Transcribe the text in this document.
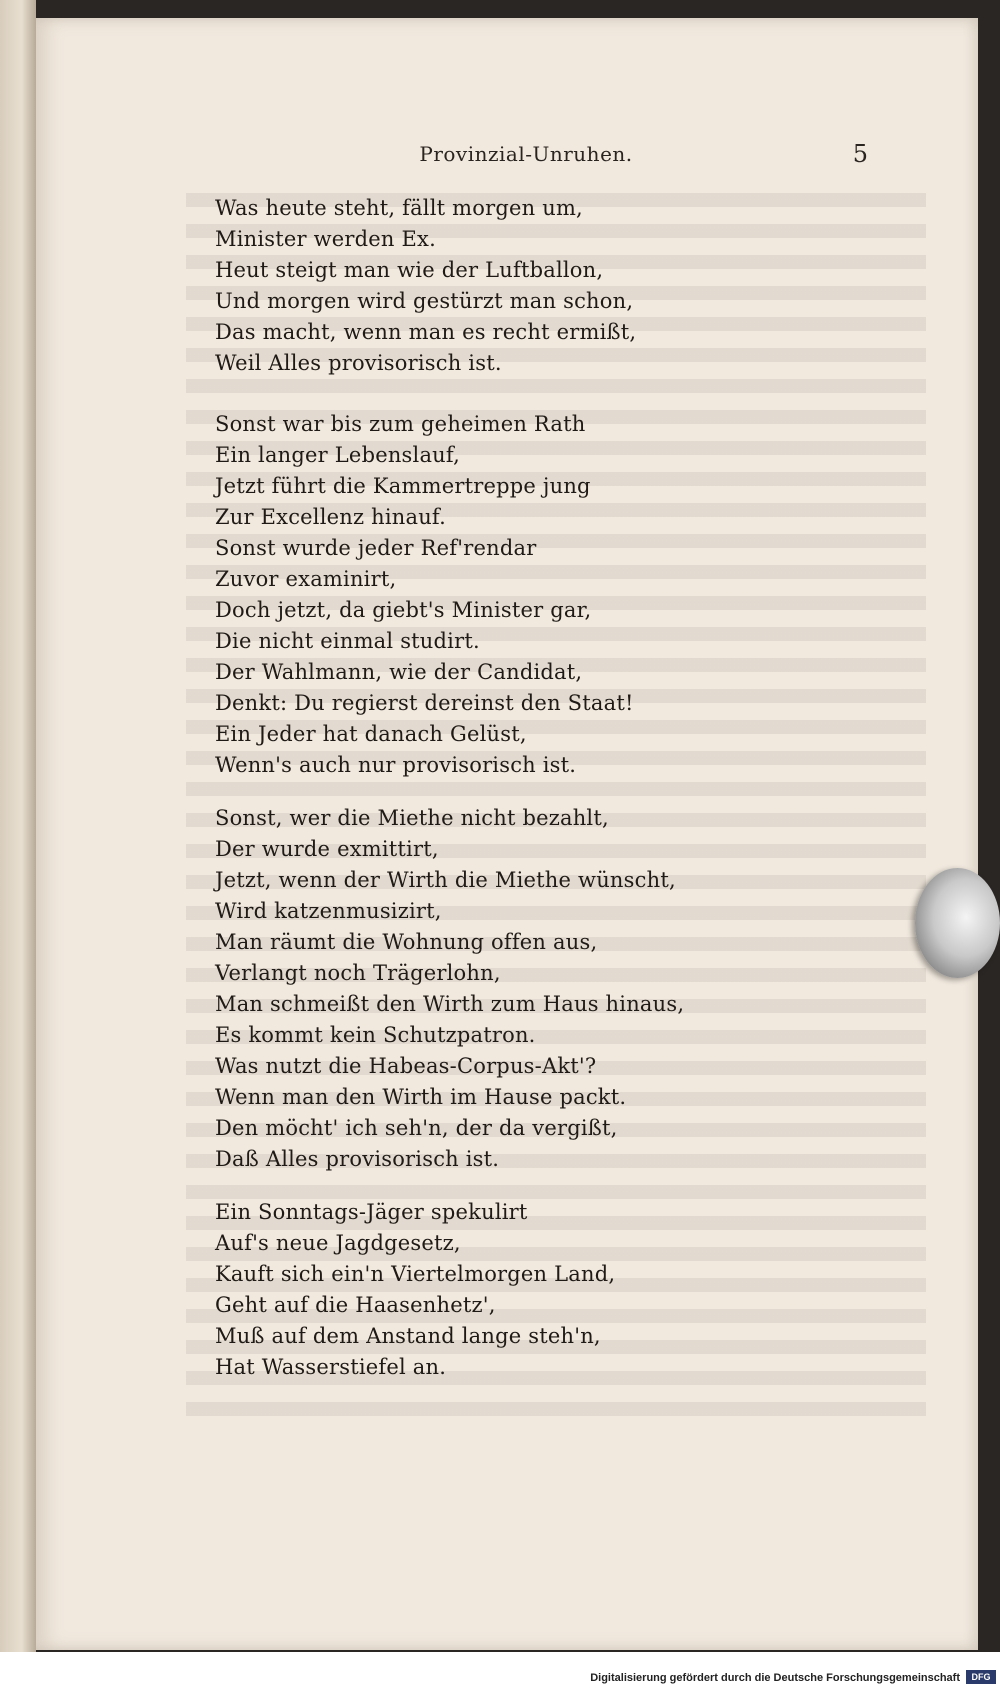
Provinzial-Unruhen.	5
Was heute steht, fällt morgen um,
Minister werden Ex.
Heut steigt man wie der Luftballon,
Und morgen wird gestürzt man schon,
Das macht, wenn man es recht ermißt,
Weil Alles provisorisch ist.
Sonst war bis zum geheimen Rath
Ein langer Lebenslauf,
Jetzt führt die Kammertreppe jung
Zur Excellenz hinauf.
Sonst wurde jeder Ref'rendar
Zuvor examinirt,
Doch jetzt, da giebt's Minister gar,
Die nicht einmal studirt.
Der Wahlmann, wie der Candidat,
Denkt: Du regierst dereinst den Staat!
Ein Jeder hat danach Gelüst,
Wenn's auch nur provisorisch ist.
Sonst, wer die Miethe nicht bezahlt,
Der wurde exmittirt,
Jetzt, wenn der Wirth die Miethe wünscht,
Wird katzenmusizirt,
Man räumt die Wohnung offen aus,
Verlangt noch Trägerlohn,
Man schmeißt den Wirth zum Haus hinaus,
Es kommt kein Schutzpatron.
Was nutzt die Habeas-Corpus-Akt'?
Wenn man den Wirth im Hause packt.
Den möcht' ich seh'n, der da vergißt,
Daß Alles provisorisch ist.
Ein Sonntags-Jäger spekulirt
Auf's neue Jagdgesetz,
Kauft sich ein'n Viertelmorgen Land,
Geht auf die Haasenhetz',
Muß auf dem Anstand lange steh'n,
Hat Wasserstiefel an.
Digitalisierung gefördert durch die Deutsche Forschungsgemeinschaft	DFG
